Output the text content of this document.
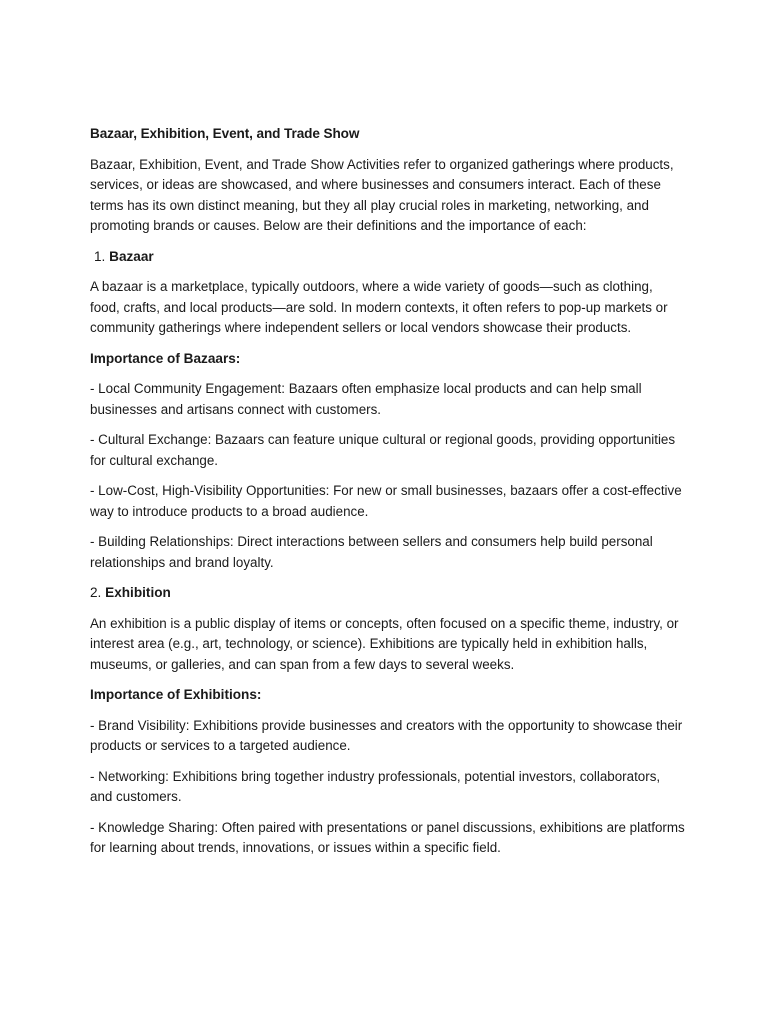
Bazaar, Exhibition, Event, and Trade Show
Bazaar, Exhibition, Event, and Trade Show Activities refer to organized gatherings where products, services, or ideas are showcased, and where businesses and consumers interact. Each of these terms has its own distinct meaning, but they all play crucial roles in marketing, networking, and promoting brands or causes. Below are their definitions and the importance of each:
1. Bazaar
A bazaar is a marketplace, typically outdoors, where a wide variety of goods—such as clothing, food, crafts, and local products—are sold. In modern contexts, it often refers to pop-up markets or community gatherings where independent sellers or local vendors showcase their products.
Importance of Bazaars:
- Local Community Engagement: Bazaars often emphasize local products and can help small businesses and artisans connect with customers.
- Cultural Exchange: Bazaars can feature unique cultural or regional goods, providing opportunities for cultural exchange.
- Low-Cost, High-Visibility Opportunities: For new or small businesses, bazaars offer a cost-effective way to introduce products to a broad audience.
- Building Relationships: Direct interactions between sellers and consumers help build personal relationships and brand loyalty.
2. Exhibition
An exhibition is a public display of items or concepts, often focused on a specific theme, industry, or interest area (e.g., art, technology, or science). Exhibitions are typically held in exhibition halls, museums, or galleries, and can span from a few days to several weeks.
Importance of Exhibitions:
- Brand Visibility: Exhibitions provide businesses and creators with the opportunity to showcase their products or services to a targeted audience.
- Networking: Exhibitions bring together industry professionals, potential investors, collaborators, and customers.
- Knowledge Sharing: Often paired with presentations or panel discussions, exhibitions are platforms for learning about trends, innovations, or issues within a specific field.
